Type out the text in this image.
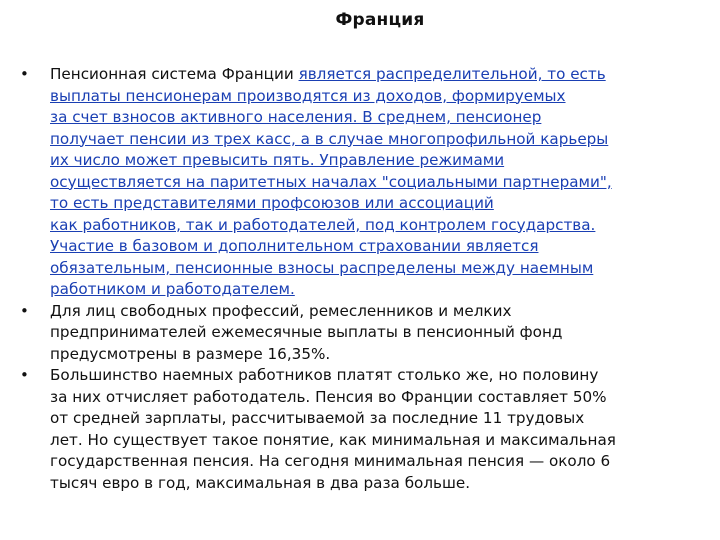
Франция
•	Пенсионная система Франции является распределительной, то есть
выплаты пенсионерам производятся из доходов, формируемых
за счет взносов активного населения. В среднем, пенсионер
получает пенсии из трех касс, а в случае многопрофильной карьеры
их число может превысить пять. Управление режимами
осуществляется на паритетных началах "социальными партнерами",
то есть представителями профсоюзов или ассоциаций
как работников, так и работодателей, под контролем государства.
Участие в базовом и дополнительном страховании является
обязательным, пенсионные взносы распределены между наемным
работником и работодателем.
•	Для лиц свободных профессий, ремесленников и мелких
предпринимателей ежемесячные выплаты в пенсионный фонд
предусмотрены в размере 16,35%.
•	Большинство наемных работников платят столько же, но половину
за них отчисляет работодатель. Пенсия во Франции составляет 50%
от средней зарплаты, рассчитываемой за последние 11 трудовых
лет. Но существует такое понятие, как минимальная и максимальная
государственная пенсия. На сегодня минимальная пенсия — около 6
тысяч евро в год, максимальная в два раза больше.
